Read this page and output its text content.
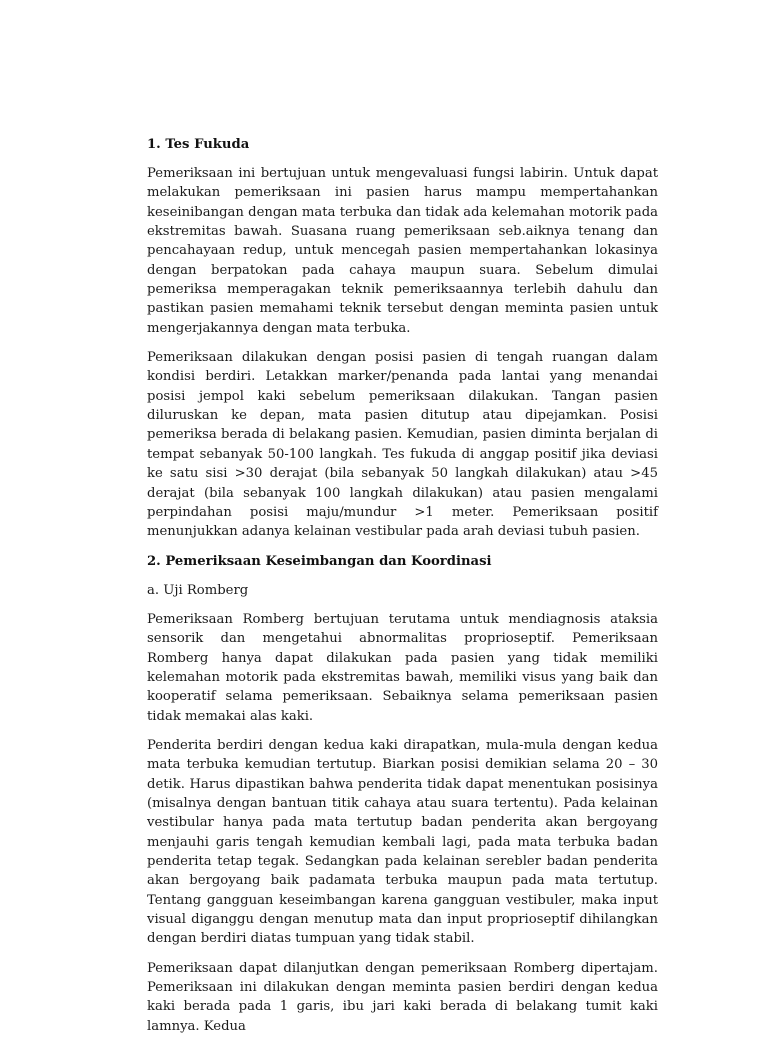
1. Tes Fukuda

Pemeriksaan ini bertujuan untuk mengevaluasi fungsi labirin. Untuk dapat melakukan pemeriksaan ini pasien harus mampu mempertahankan keseinibangan dengan mata terbuka dan tidak ada kelemahan motorik pada ekstremitas bawah. Suasana ruang pemeriksaan seb.aiknya tenang dan pencahayaan redup, untuk mencegah pasien mempertahankan lokasinya dengan berpatokan pada cahaya maupun suara. Sebelum dimulai pemeriksa memperagakan teknik pemeriksaannya terlebih dahulu dan pastikan pasien memahami teknik tersebut dengan meminta pasien untuk mengerjakannya dengan mata terbuka.

Pemeriksaan dilakukan dengan posisi pasien di tengah ruangan dalam kondisi berdiri. Letakkan marker/penanda pada lantai yang menandai posisi jempol kaki sebelum pemeriksaan dilakukan. Tangan pasien diluruskan ke depan, mata pasien ditutup atau dipejamkan. Posisi pemeriksa berada di belakang pasien. Kemudian, pasien diminta berjalan di tempat sebanyak 50-100 langkah. Tes fukuda di anggap positif jika deviasi ke satu sisi >30 derajat (bila sebanyak 50 langkah dilakukan) atau >45 derajat (bila sebanyak 100 langkah dilakukan) atau pasien mengalami perpindahan posisi maju/mundur >1 meter. Pemeriksaan positif menunjukkan adanya kelainan vestibular pada arah deviasi tubuh pasien.

2. Pemeriksaan Keseimbangan dan Koordinasi

a. Uji Romberg

Pemeriksaan Romberg bertujuan terutama untuk mendiagnosis ataksia sensorik dan mengetahui abnormalitas proprioseptif. Pemeriksaan Romberg hanya dapat dilakukan pada pasien yang tidak memiliki kelemahan motorik pada ekstremitas bawah, memiliki visus yang baik dan kooperatif selama pemeriksaan. Sebaiknya selama pemeriksaan pasien tidak memakai alas kaki.

Penderita berdiri dengan kedua kaki dirapatkan, mula-mula dengan kedua mata terbuka kemudian tertutup. Biarkan posisi demikian selama 20 – 30 detik. Harus dipastikan bahwa penderita tidak dapat menentukan posisinya (misalnya dengan bantuan titik cahaya atau suara tertentu). Pada kelainan vestibular hanya pada mata tertutup badan penderita akan bergoyang menjauhi garis tengah kemudian kembali lagi, pada mata terbuka badan penderita tetap tegak. Sedangkan pada kelainan serebler badan penderita akan bergoyang baik padamata terbuka maupun pada mata tertutup. Tentang gangguan keseimbangan karena gangguan vestibuler, maka input visual diganggu dengan menutup mata dan input proprioseptif dihilangkan dengan berdiri diatas tumpuan yang tidak stabil.

Pemeriksaan dapat dilanjutkan dengan pemeriksaan Romberg dipertajam. Pemeriksaan ini dilakukan dengan meminta pasien berdiri dengan kedua kaki berada pada 1 garis, ibu jari kaki berada di belakang tumit kaki lamnya. Kedua
